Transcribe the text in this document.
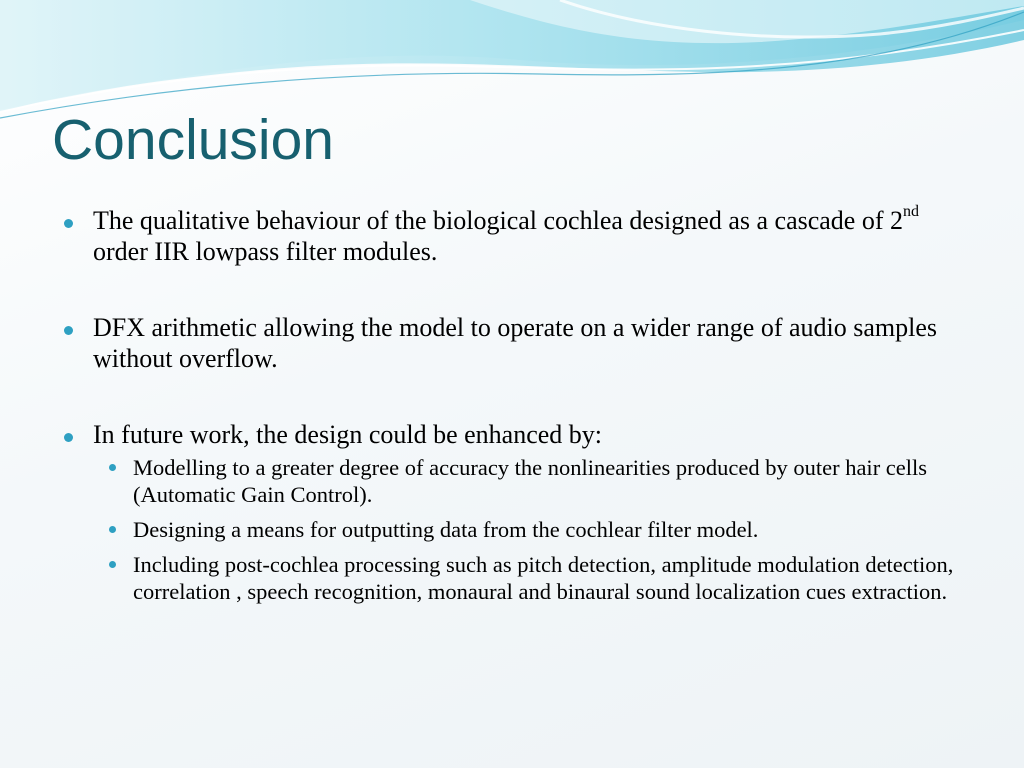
Conclusion
The qualitative behaviour of the biological cochlea designed as a cascade of 2nd order IIR lowpass filter modules.
DFX arithmetic allowing the model to operate on a wider range of audio samples without overflow.
In future work, the design could be enhanced by:
Modelling to a greater degree of accuracy the nonlinearities produced by outer hair cells (Automatic Gain Control).
Designing a means for outputting data from the cochlear filter model.
Including post-cochlea processing such as pitch detection, amplitude modulation detection, correlation , speech recognition, monaural and binaural sound localization cues extraction.
